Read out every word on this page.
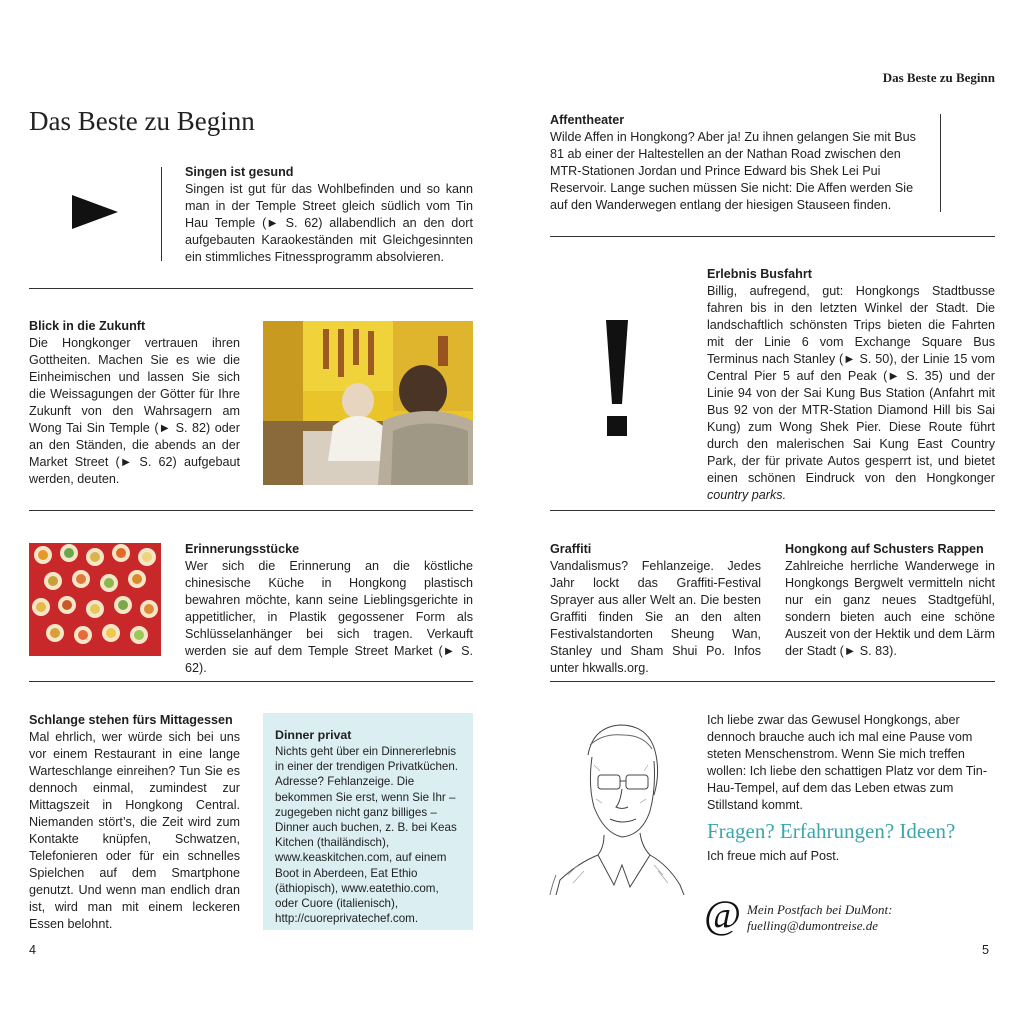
Das Beste zu Beginn
Das Beste zu Beginn
Singen ist gesund
Singen ist gut für das Wohlbefinden und so kann man in der Temple Street gleich südlich vom Tin Hau Temple (► S. 62) allabendlich an den dort aufgebauten Karaokeständen mit Gleichgesinnten ein stimmliches Fitnessprogramm absolvieren.
Blick in die Zukunft
Die Hongkonger vertrauen ihren Gottheiten. Machen Sie es wie die Einheimischen und lassen Sie sich die Weissagungen der Götter für Ihre Zukunft von den Wahrsagern am Wong Tai Sin Temple (► S. 82) oder an den Ständen, die abends an der Market Street (► S. 62) aufgebaut werden, deuten.
Erinnerungsstücke
Wer sich die Erinnerung an die köstliche chinesische Küche in Hongkong plastisch bewahren möchte, kann seine Lieblingsgerichte in appetitlicher, in Plastik gegossener Form als Schlüsselanhänger bei sich tragen. Verkauft werden sie auf dem Temple Street Market (► S. 62).
Schlange stehen fürs Mittagessen
Mal ehrlich, wer würde sich bei uns vor einem Restaurant in eine lange Warteschlange einreihen? Tun Sie es dennoch einmal, zumindest zur Mittagszeit in Hongkong Central. Niemanden stört’s, die Zeit wird zum Kontakte knüpfen, Schwatzen, Telefonieren oder für ein schnelles Spielchen auf dem Smartphone genutzt. Und wenn man endlich dran ist, wird man mit einem leckeren Essen belohnt.
Dinner privat
Nichts geht über ein Dinnererlebnis in einer der trendigen Privatküchen. Adresse? Fehlanzeige. Die bekommen Sie erst, wenn Sie Ihr – zugegeben nicht ganz billiges – Dinner auch buchen, z. B. bei Keas Kitchen (thailändisch), www.keaskitchen.com, auf einem Boot in Aberdeen, Eat Ethio (äthiopisch), www.eatethio.com, oder Cuore (italienisch), http://cuoreprivatechef.com.
4
Affentheater
Wilde Affen in Hongkong? Aber ja! Zu ihnen gelangen Sie mit Bus 81 ab einer der Haltestellen an der Nathan Road zwischen den MTR-Stationen Jordan und Prince Edward bis Shek Lei Pui Reservoir. Lange suchen müssen Sie nicht: Die Affen werden Sie auf den Wanderwegen entlang der hiesigen Stauseen finden.
Erlebnis Busfahrt
Billig, aufregend, gut: Hongkongs Stadtbusse fahren bis in den letzten Winkel der Stadt. Die landschaftlich schönsten Trips bieten die Fahrten mit der Linie 6 vom Exchange Square Bus Terminus nach Stanley (► S. 50), der Linie 15 vom Central Pier 5 auf den Peak (► S. 35) und der Linie 94 von der Sai Kung Bus Station (Anfahrt mit Bus 92 von der MTR-Station Diamond Hill bis Sai Kung) zum Wong Shek Pier. Diese Route führt durch den malerischen Sai Kung East Country Park, der für private Autos gesperrt ist, und bietet einen schönen Eindruck von den Hongkonger country parks.
Graffiti
Vandalismus? Fehlanzeige. Jedes Jahr lockt das Graffiti-Festival Sprayer aus aller Welt an. Die besten Graffiti finden Sie an den alten Festivalstandorten Sheung Wan, Stanley und Sham Shui Po. Infos unter hkwalls.org.
Hongkong auf Schusters Rappen
Zahlreiche herrliche Wanderwege in Hongkongs Bergwelt vermitteln nicht nur ein ganz neues Stadtgefühl, sondern bieten auch eine schöne Auszeit von der Hektik und dem Lärm der Stadt (► S. 83).
Ich liebe zwar das Gewusel Hongkongs, aber dennoch brauche auch ich mal eine Pause vom steten Menschenstrom. Wenn Sie mich treffen wollen: Ich liebe den schattigen Platz vor dem Tin-Hau-Tempel, auf dem das Leben etwas zum Stillstand kommt.
Fragen? Erfahrungen? Ideen?
Ich freue mich auf Post.
@ Mein Postfach bei DuMont:
fuelling@dumontreise.de
5
